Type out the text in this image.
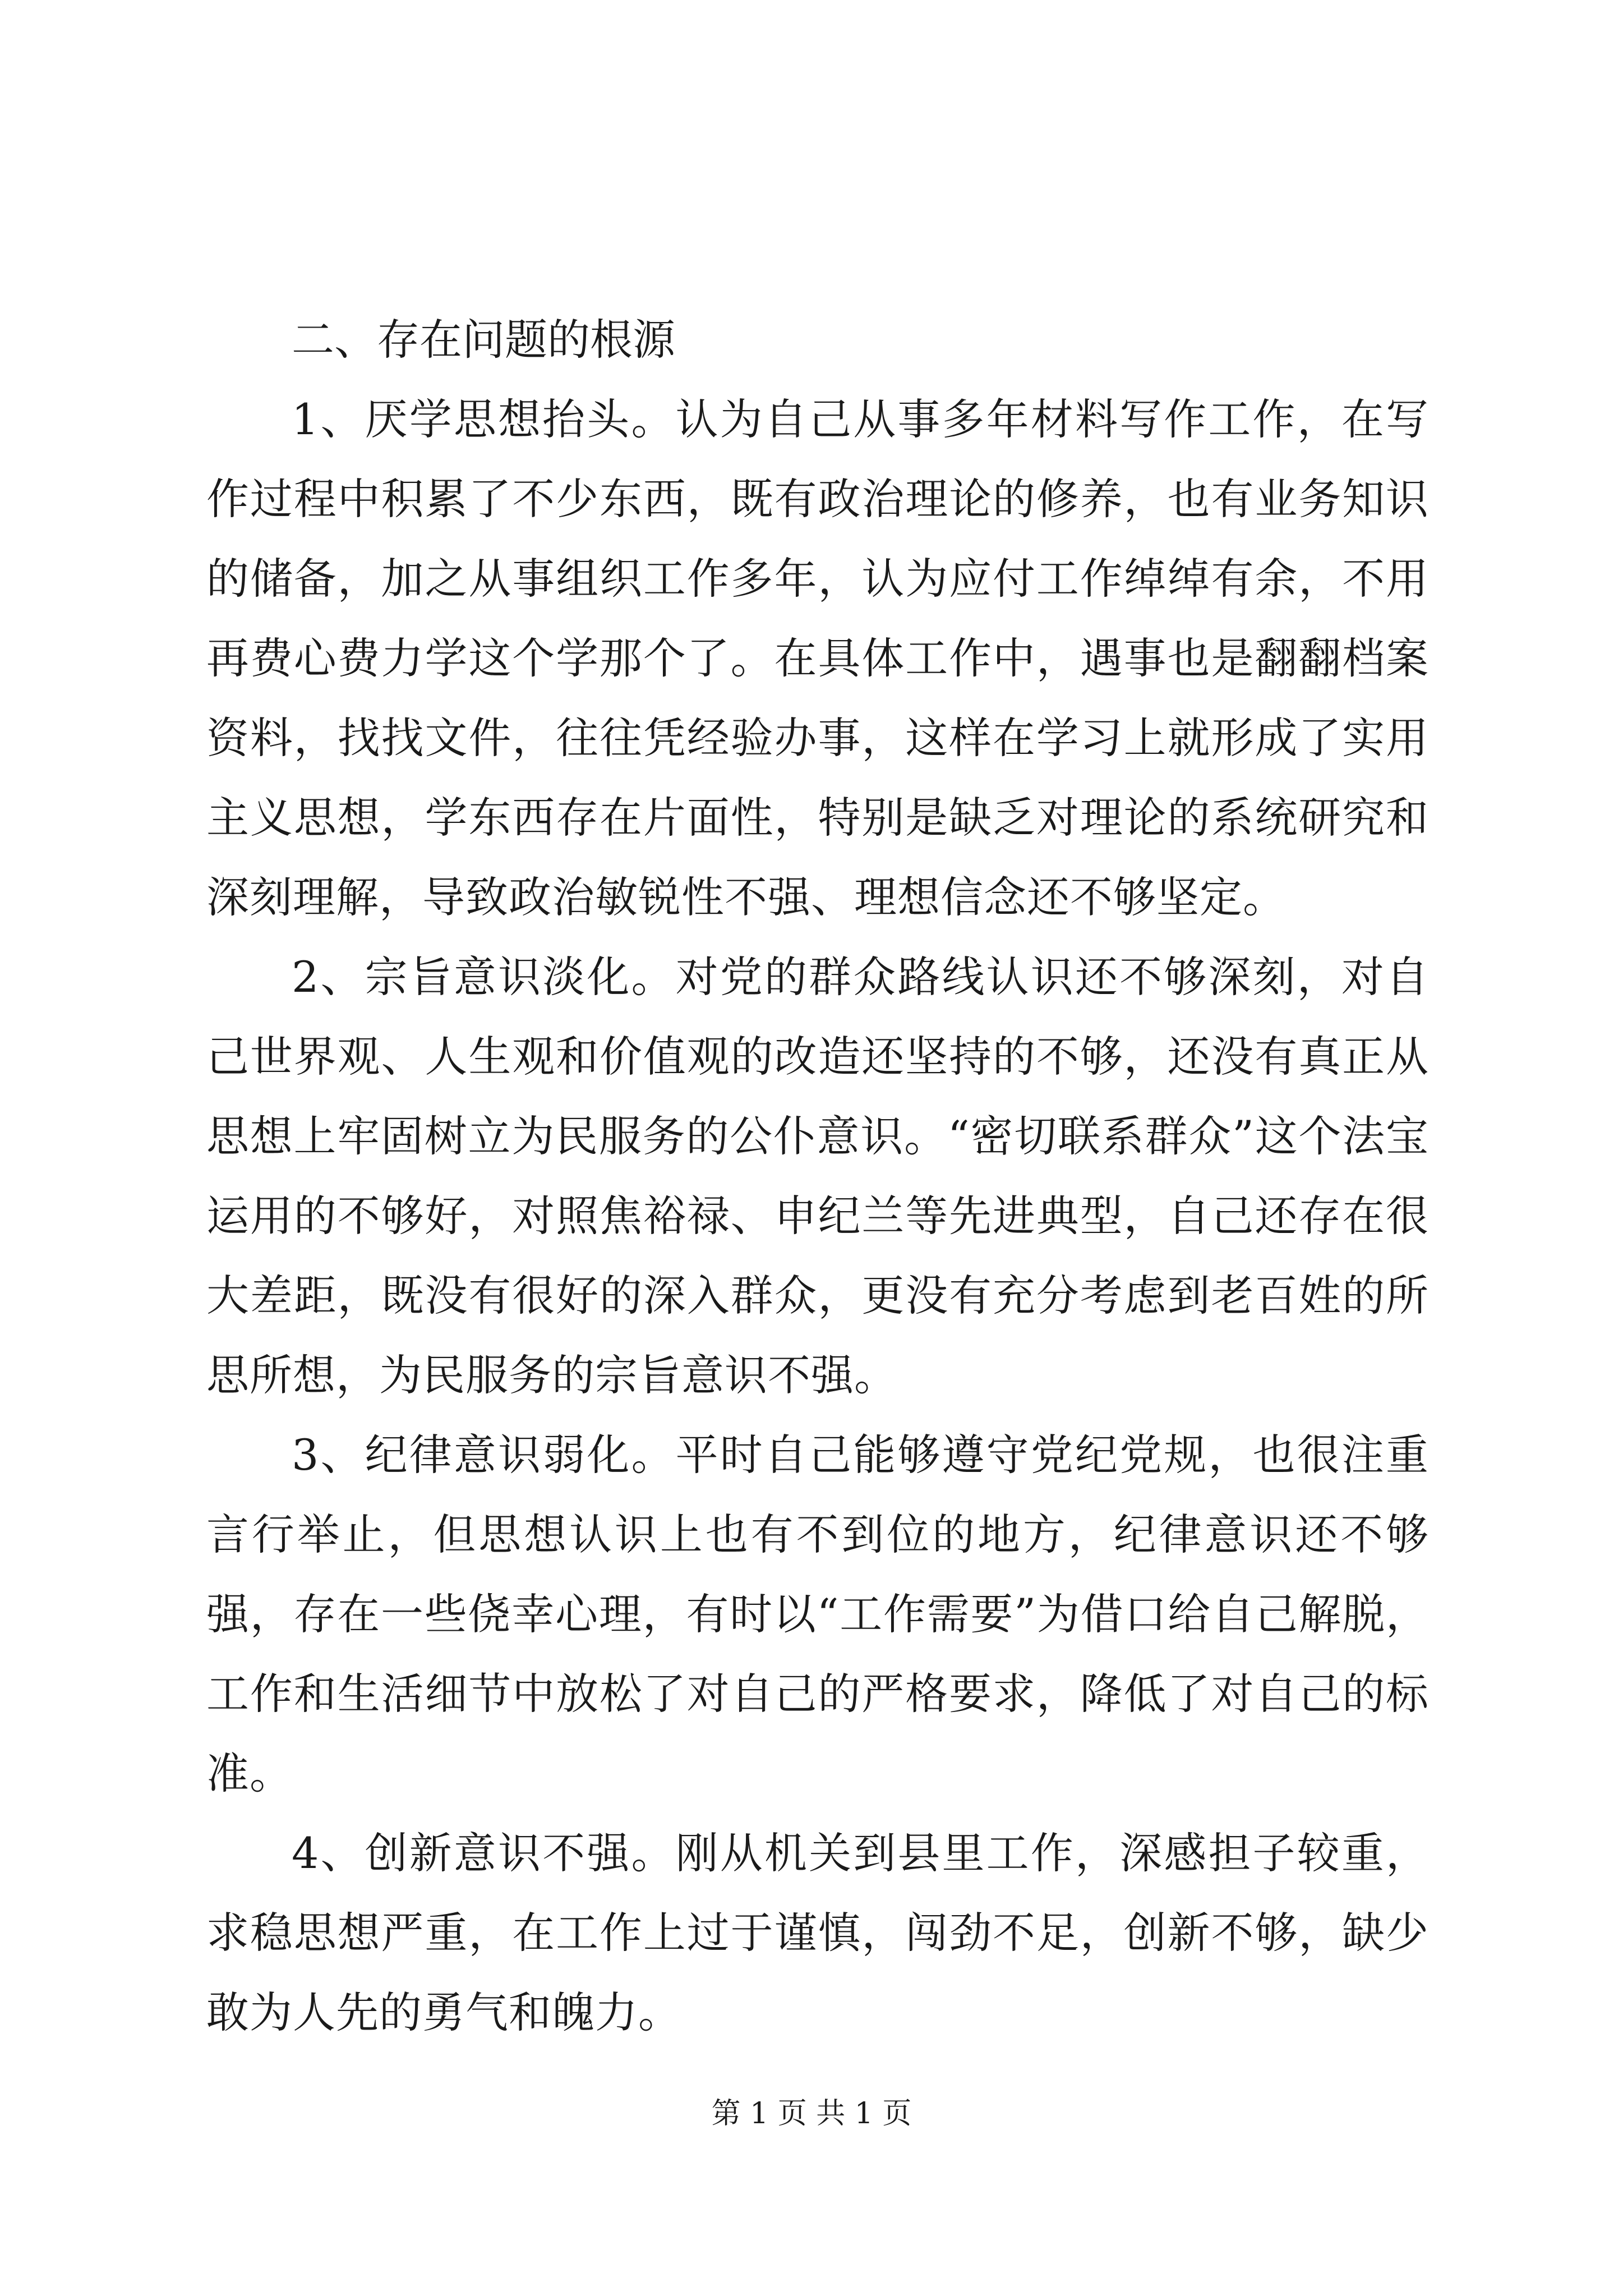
二、存在问题的根源

1、厌学思想抬头。认为自己从事多年材料写作工作，在写作过程中积累了不少东西，既有政治理论的修养，也有业务知识的储备，加之从事组织工作多年，认为应付工作绰绰有余，不用再费心费力学这个学那个了。在具体工作中，遇事也是翻翻档案资料，找找文件，往往凭经验办事，这样在学习上就形成了实用主义思想，学东西存在片面性，特别是缺乏对理论的系统研究和深刻理解，导致政治敏锐性不强、理想信念还不够坚定。

2、宗旨意识淡化。对党的群众路线认识还不够深刻，对自己世界观、人生观和价值观的改造还坚持的不够，还没有真正从思想上牢固树立为民服务的公仆意识。“密切联系群众”这个法宝运用的不够好，对照焦裕禄、申纪兰等先进典型，自己还存在很大差距，既没有很好的深入群众，更没有充分考虑到老百姓的所思所想，为民服务的宗旨意识不强。

3、纪律意识弱化。平时自己能够遵守党纪党规，也很注重言行举止，但思想认识上也有不到位的地方，纪律意识还不够强，存在一些侥幸心理，有时以“工作需要”为借口给自己解脱，工作和生活细节中放松了对自己的严格要求，降低了对自己的标准。

4、创新意识不强。刚从机关到县里工作，深感担子较重，求稳思想严重，在工作上过于谨慎，闯劲不足，创新不够，缺少敢为人先的勇气和魄力。

第 1 页 共 1 页
